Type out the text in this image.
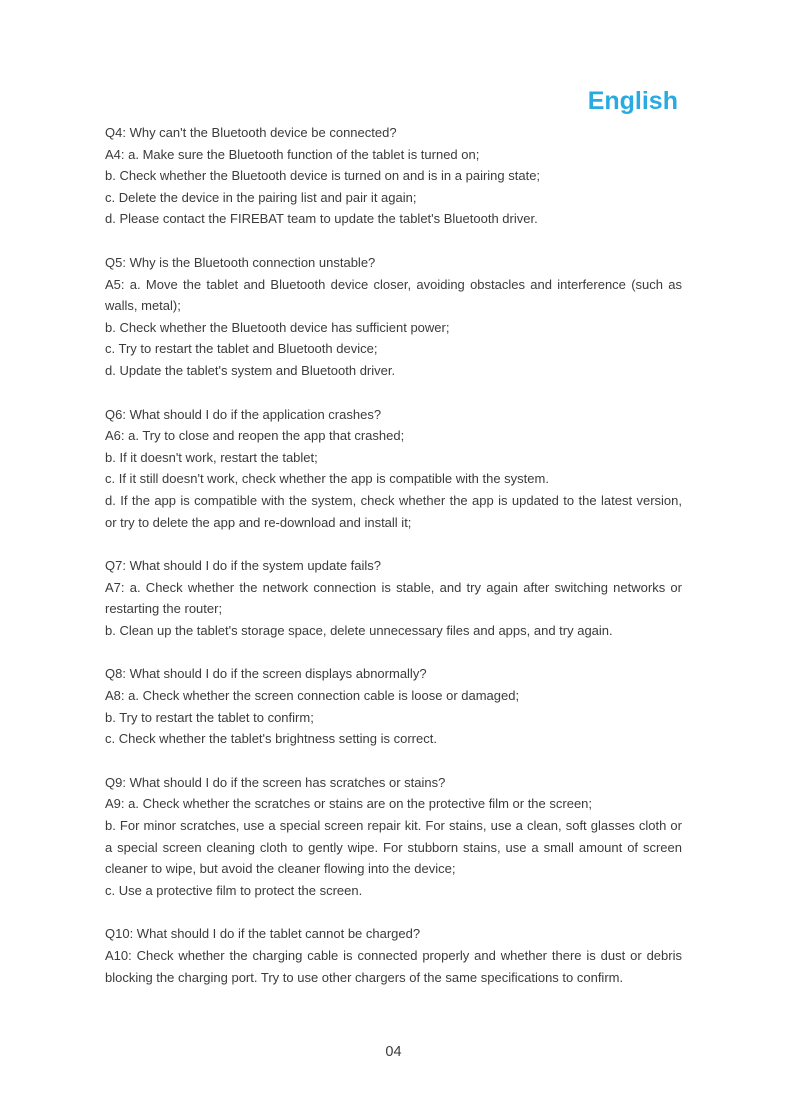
English

Q4: Why can't the Bluetooth device be connected?

A4: a. Make sure the Bluetooth function of the tablet is turned on;

b. Check whether the Bluetooth device is turned on and is in a pairing state;

c. Delete the device in the pairing list and pair it again;

d. Please contact the FIREBAT team to update the tablet's Bluetooth driver.

Q5: Why is the Bluetooth connection unstable?

A5: a. Move the tablet and Bluetooth device closer, avoiding obstacles and interference (such as walls, metal);

b. Check whether the Bluetooth device has sufficient power;

c. Try to restart the tablet and Bluetooth device;

d. Update the tablet's system and Bluetooth driver.

Q6: What should I do if the application crashes?

A6: a. Try to close and reopen the app that crashed;

b. If it doesn't work, restart the tablet;

c. If it still doesn't work, check whether the app is compatible with the system.

d. If the app is compatible with the system, check whether the app is updated to the latest version, or try to delete the app and re-download and install it;

Q7: What should I do if the system update fails?

A7: a. Check whether the network connection is stable, and try again after switching networks or restarting the router;

b. Clean up the tablet's storage space, delete unnecessary files and apps, and try again.

Q8: What should I do if the screen displays abnormally?

A8: a. Check whether the screen connection cable is loose or damaged;

b. Try to restart the tablet to confirm;

c. Check whether the tablet's brightness setting is correct.

Q9: What should I do if the screen has scratches or stains?

A9: a. Check whether the scratches or stains are on the protective film or the screen;

b. For minor scratches, use a special screen repair kit. For stains, use a clean, soft glasses cloth or a special screen cleaning cloth to gently wipe. For stubborn stains, use a small amount of screen cleaner to wipe, but avoid the cleaner flowing into the device;

c. Use a protective film to protect the screen.

Q10: What should I do if the tablet cannot be charged?

A10: Check whether the charging cable is connected properly and whether there is dust or debris blocking the charging port. Try to use other chargers of the same specifications to confirm.

04
